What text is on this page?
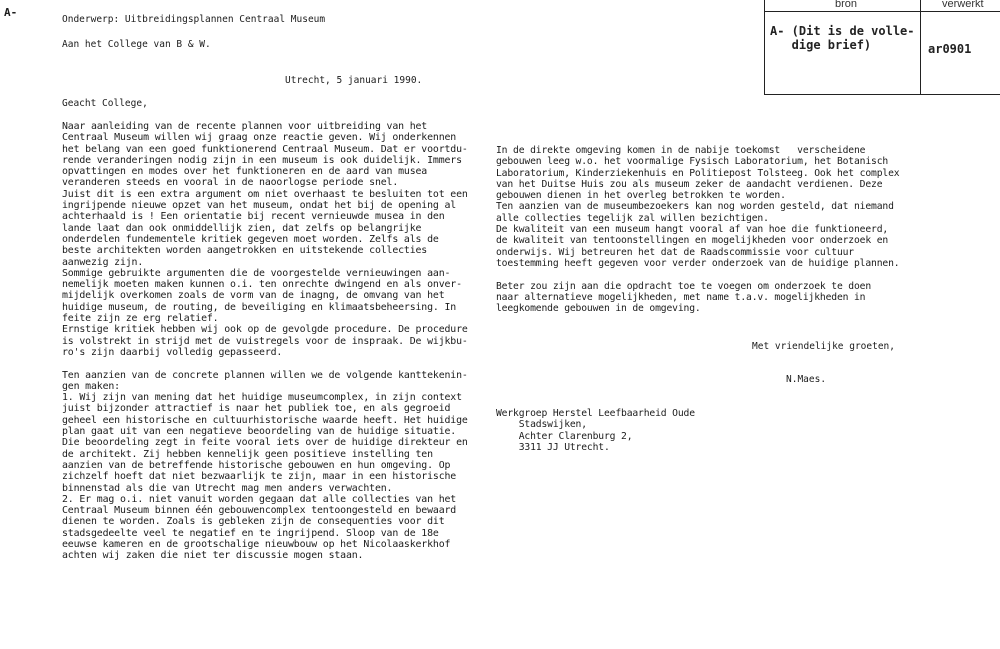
A-
Onderwerp: Uitbreidingsplannen Centraal Museum
Aan het College van B & W.
Utrecht, 5 januari 1990.
Geacht College,
bron	verwerkt
A- (Dit is de volle-
dige brief)	ar0901
Naar aanleiding van de recente plannen voor uitbreiding van het
Centraal Museum willen wij graag onze reactie geven. Wij onderkennen
het belang van een goed funktionerend Centraal Museum. Dat er voortdu-
rende veranderingen nodig zijn in een museum is ook duidelijk. Immers
opvattingen en modes over het funktioneren en de aard van musea
veranderen steeds en vooral in de naoorlogse periode snel.
Juist dit is een extra argument om niet overhaast te besluiten tot een
ingrijpende nieuwe opzet van het museum, ondat het bij de opening al
achterhaald is ! Een orientatie bij recent vernieuwde musea in den
lande laat dan ook onmiddellijk zien, dat zelfs op belangrijke
onderdelen fundementele kritiek gegeven moet worden. Zelfs als de
beste architekten worden aangetrokken en uitstekende collecties
aanwezig zijn.
Sommige gebruikte argumenten die de voorgestelde vernieuwingen aan-
nemelijk moeten maken kunnen o.i. ten onrechte dwingend en als onver-
mijdelijk overkomen zoals de vorm van de inagng, de omvang van het
huidige museum, de routing, de beveiliging en klimaatsbeheersing. In
feite zijn ze erg relatief.
Ernstige kritiek hebben wij ook op de gevolgde procedure. De procedure
is volstrekt in strijd met de vuistregels voor de inspraak. De wijkbu-
ro's zijn daarbij volledig gepasseerd.
Ten aanzien van de concrete plannen willen we de volgende kanttekenin-
gen maken:
1. Wij zijn van mening dat het huidige museumcomplex, in zijn context
juist bijzonder attractief is naar het publiek toe, en als gegroeid
geheel een historische en cultuurhistorische waarde heeft. Het huidige
plan gaat uit van een negatieve beoordeling van de huidige situatie.
Die beoordeling zegt in feite vooral iets over de huidige direkteur en
de architekt. Zij hebben kennelijk geen positieve instelling ten
aanzien van de betreffende historische gebouwen en hun omgeving. Op
zichzelf hoeft dat niet bezwaarlijk te zijn, maar in een historische
binnenstad als die van Utrecht mag men anders verwachten.
2. Er mag o.i. niet vanuit worden gegaan dat alle collecties van het
Centraal Museum binnen één gebouwencomplex tentoongesteld en bewaard
dienen te worden. Zoals is gebleken zijn de consequenties voor dit
stadsgedeelte veel te negatief en te ingrijpend. Sloop van de 18e
eeuwse kameren en de grootschalige nieuwbouw op het Nicolaaskerkhof
achten wij zaken die niet ter discussie mogen staan.
In de direkte omgeving komen in de nabije toekomst   verscheidene
gebouwen leeg w.o. het voormalige Fysisch Laboratorium, het Botanisch
Laboratorium, Kinderziekenhuis en Politiepost Tolsteeg. Ook het complex
van het Duitse Huis zou als museum zeker de aandacht verdienen. Deze
gebouwen dienen in het overleg betrokken te worden.
Ten aanzien van de museumbezoekers kan nog worden gesteld, dat niemand
alle collecties tegelijk zal willen bezichtigen.
De kwaliteit van een museum hangt vooral af van hoe die funktioneerd,
de kwaliteit van tentoonstellingen en mogelijkheden voor onderzoek en
onderwijs. Wij betreuren het dat de Raadscommissie voor cultuur
toestemming heeft gegeven voor verder onderzoek van de huidige plannen.
Beter zou zijn aan die opdracht toe te voegen om onderzoek te doen
naar alternatieve mogelijkheden, met name t.a.v. mogelijkheden in
leegkomende gebouwen in de omgeving.
Met vriendelijke groeten,
N.Maes.
Werkgroep Herstel Leefbaarheid Oude
Stadswijken,
Achter Clarenburg 2,
3311 JJ Utrecht.
